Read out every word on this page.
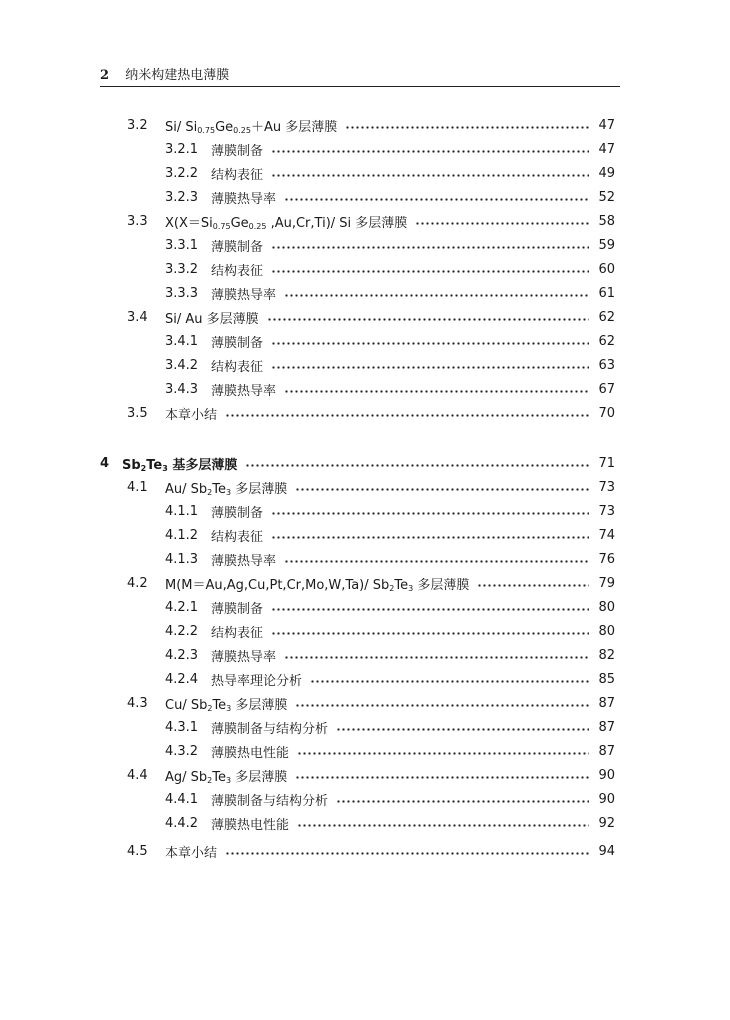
2 纳米构建热电薄膜
3.2	Si/ $Si_{0.75}Ge_{0.25}+Au$ 多层薄膜	47
3.2.1 薄膜制备	47
3.2.2 结构表征	49
3.2.3 薄膜热导率	52
3.3	$X(X=Si_{0.75}Ge_{0.25}$ ,Au,Cr,Ti)/ Si 多层薄膜	58
3.3.1 薄膜制备	59
3.3.2 结构表征	60
3.3.3 薄膜热导率	61
3.4	Si/ Au 多层薄膜	62
3.4.1 薄膜制备	62
3.4.2 结构表征	63
3.4.3 薄膜热导率	67
3.5	本章小结	70
4 $Sb_2Te_3$ 基多层薄膜	71
4.1	Au/ $Sb_2Te_3$ 多层薄膜	73
4.1.1 薄膜制备	73
4.1.2 结构表征	74
4.1.3 薄膜热导率	76
4.2	M(M＝Au,Ag,Cu,Pt,Cr,Mo,W,Ta)/ $Sb_2Te_3$ 多层薄膜	79
4.2.1 薄膜制备	80
4.2.2 结构表征	80
4.2.3 薄膜热导率	82
4.2.4 热导率理论分析	85
4.3	Cu/ $Sb_2Te_3$ 多层薄膜	87
4.3.1 薄膜制备与结构分析	87
4.3.2 薄膜热电性能	87
4.4	Ag/ $Sb_2Te_3$ 多层薄膜	90
4.4.1 薄膜制备与结构分析	90
4.4.2 薄膜热电性能	92
4.5	本章小结	94
